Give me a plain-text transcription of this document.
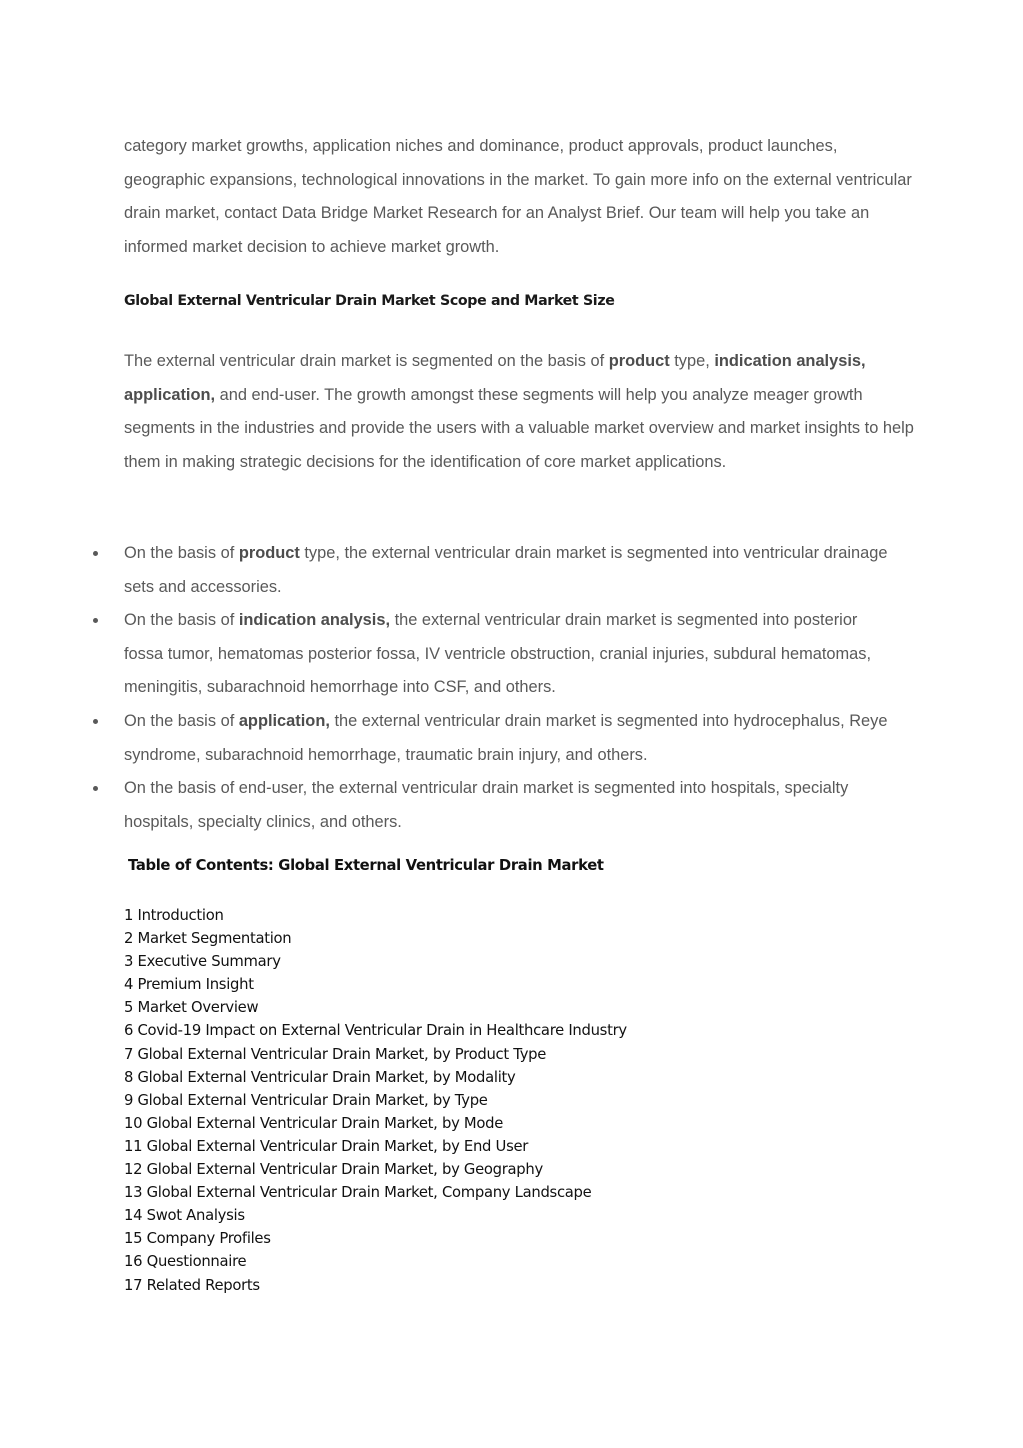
category market growths, application niches and dominance, product approvals, product launches, geographic expansions, technological innovations in the market. To gain more info on the external ventricular drain market, contact Data Bridge Market Research for an Analyst Brief. Our team will help you take an informed market decision to achieve market growth.

Global External Ventricular Drain Market Scope and Market Size

The external ventricular drain market is segmented on the basis of product type, indication analysis, application, and end-user. The growth amongst these segments will help you analyze meager growth segments in the industries and provide the users with a valuable market overview and market insights to help them in making strategic decisions for the identification of core market applications.

On the basis of product type, the external ventricular drain market is segmented into ventricular drainage sets and accessories.
On the basis of indication analysis, the external ventricular drain market is segmented into posterior fossa tumor, hematomas posterior fossa, IV ventricle obstruction, cranial injuries, subdural hematomas, meningitis, subarachnoid hemorrhage into CSF, and others.
On the basis of application, the external ventricular drain market is segmented into hydrocephalus, Reye syndrome, subarachnoid hemorrhage, traumatic brain injury, and others.
On the basis of end-user, the external ventricular drain market is segmented into hospitals, specialty hospitals, specialty clinics, and others.
Table of Contents: Global External Ventricular Drain Market
1 Introduction
2 Market Segmentation
3 Executive Summary
4 Premium Insight
5 Market Overview
6 Covid-19 Impact on External Ventricular Drain in Healthcare Industry
7 Global External Ventricular Drain Market, by Product Type
8 Global External Ventricular Drain Market, by Modality
9 Global External Ventricular Drain Market, by Type
10 Global External Ventricular Drain Market, by Mode
11 Global External Ventricular Drain Market, by End User
12 Global External Ventricular Drain Market, by Geography
13 Global External Ventricular Drain Market, Company Landscape
14 Swot Analysis
15 Company Profiles
16 Questionnaire
17 Related Reports
